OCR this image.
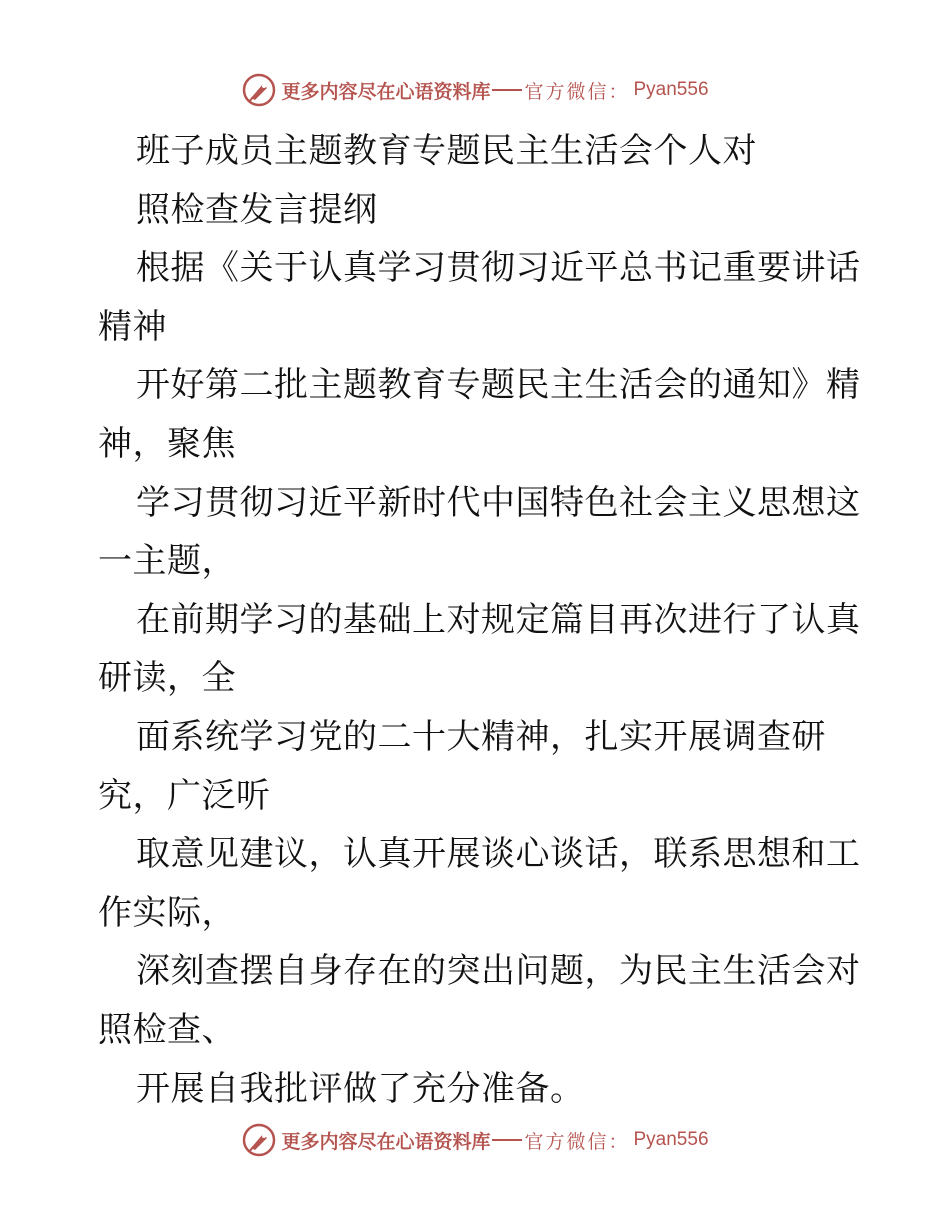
更多内容尽在心语资料库 官方微信： Pyan556
班子成员主题教育专题民主生活会个人对
照检查发言提纲
根据《关于认真学习贯彻习近平总书记重要讲话
精神
开好第二批主题教育专题民主生活会的通知》精
神，聚焦
学习贯彻习近平新时代中国特色社会主义思想这
一主题，
在前期学习的基础上对规定篇目再次进行了认真
研读，全
面系统学习党的二十大精神，扎实开展调查研
究，广泛听
取意见建议，认真开展谈心谈话，联系思想和工
作实际，
深刻查摆自身存在的突出问题，为民主生活会对
照检查、
开展自我批评做了充分准备。
更多内容尽在心语资料库 官方微信： Pyan556
